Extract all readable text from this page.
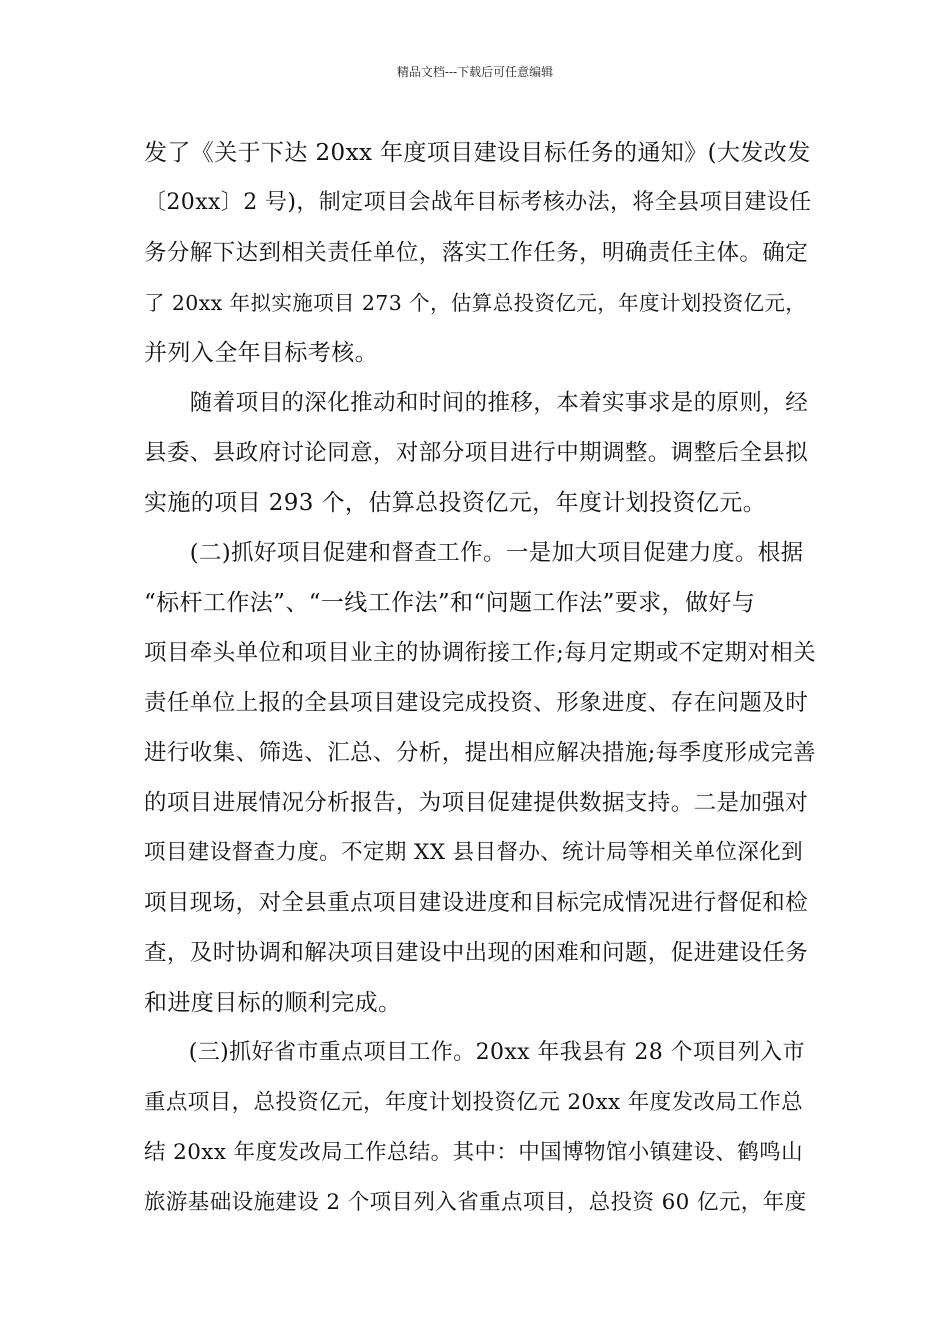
精品文档---下载后可任意编辑
发了《关于下达 20xx 年度项目建设目标任务的通知》(大发改发
〔20xx〕2 号)，制定项目会战年目标考核办法，将全县项目建设任
务分解下达到相关责任单位，落实工作任务，明确责任主体。确定
了 20xx 年拟实施项目 273 个，估算总投资亿元，年度计划投资亿元，
并列入全年目标考核。
　　随着项目的深化推动和时间的推移，本着实事求是的原则，经
县委、县政府讨论同意，对部分项目进行中期调整。调整后全县拟
实施的项目 293 个，估算总投资亿元，年度计划投资亿元。
　　(二)抓好项目促建和督查工作。一是加大项目促建力度。根据
“标杆工作法”、“一线工作法”和“问题工作法”要求，做好与
项目牵头单位和项目业主的协调衔接工作;每月定期或不定期对相关
责任单位上报的全县项目建设完成投资、形象进度、存在问题及时
进行收集、筛选、汇总、分析，提出相应解决措施;每季度形成完善
的项目进展情况分析报告，为项目促建提供数据支持。二是加强对
项目建设督查力度。不定期 XX 县目督办、统计局等相关单位深化到
项目现场，对全县重点项目建设进度和目标完成情况进行督促和检
查，及时协调和解决项目建设中出现的困难和问题，促进建设任务
和进度目标的顺利完成。
　　(三)抓好省市重点项目工作。20xx 年我县有 28 个项目列入市
重点项目，总投资亿元，年度计划投资亿元 20xx 年度发改局工作总
结 20xx 年度发改局工作总结。其中：中国博物馆小镇建设、鹤鸣山
旅游基础设施建设 2 个项目列入省重点项目，总投资 60 亿元，年度
